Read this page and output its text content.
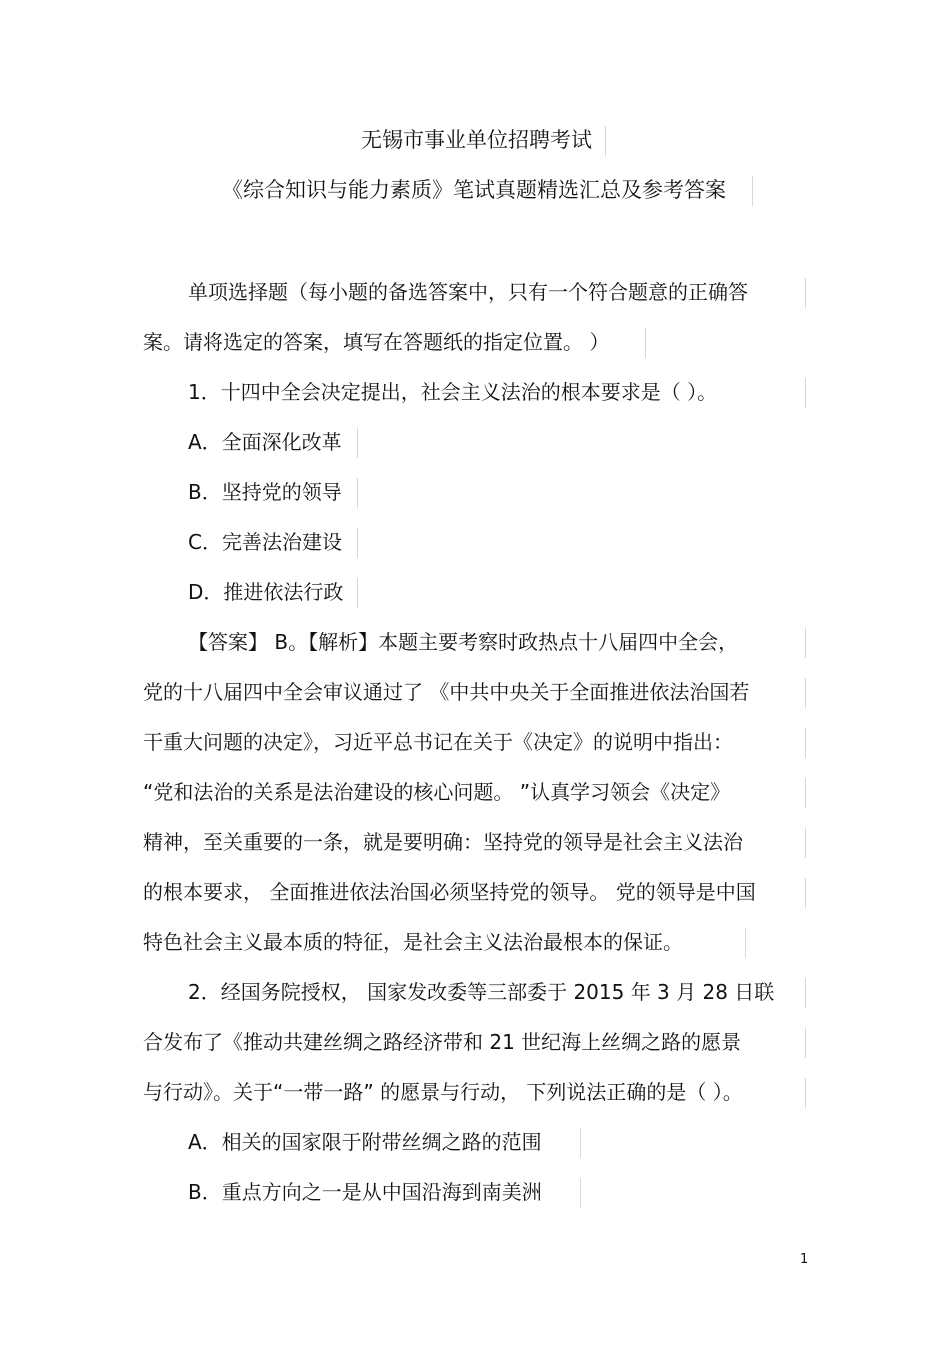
无锡市事业单位招聘考试
《综合知识与能力素质》笔试真题精选汇总及参考答案
单项选择题（每小题的备选答案中，只有一个符合题意的正确答
案。请将选定的答案，填写在答题纸的指定位置。 ）
1．十四中全会决定提出，社会主义法治的根本要求是（ ）。
A．全面深化改革
B．坚持党的领导
C．完善法治建设
D．推进依法行政
【答案】 B。【解析】本题主要考察时政热点十八届四中全会，
党的十八届四中全会审议通过了 《中共中央关于全面推进依法治国若
干重大问题的决定》，习近平总书记在关于《决定》的说明中指出：
“党和法治的关系是法治建设的核心问题。 ”认真学习领会《决定》
精神，至关重要的一条，就是要明确：坚持党的领导是社会主义法治
的根本要求， 全面推进依法治国必须坚持党的领导。 党的领导是中国
特色社会主义最本质的特征，是社会主义法治最根本的保证。
2．经国务院授权， 国家发改委等三部委于 2015 年 3 月 28 日联
合发布了《推动共建丝绸之路经济带和 21 世纪海上丝绸之路的愿景
与行动》。关于“一带一路” 的愿景与行动， 下列说法正确的是（ ）。
A．相关的国家限于附带丝绸之路的范围
B．重点方向之一是从中国沿海到南美洲
1
